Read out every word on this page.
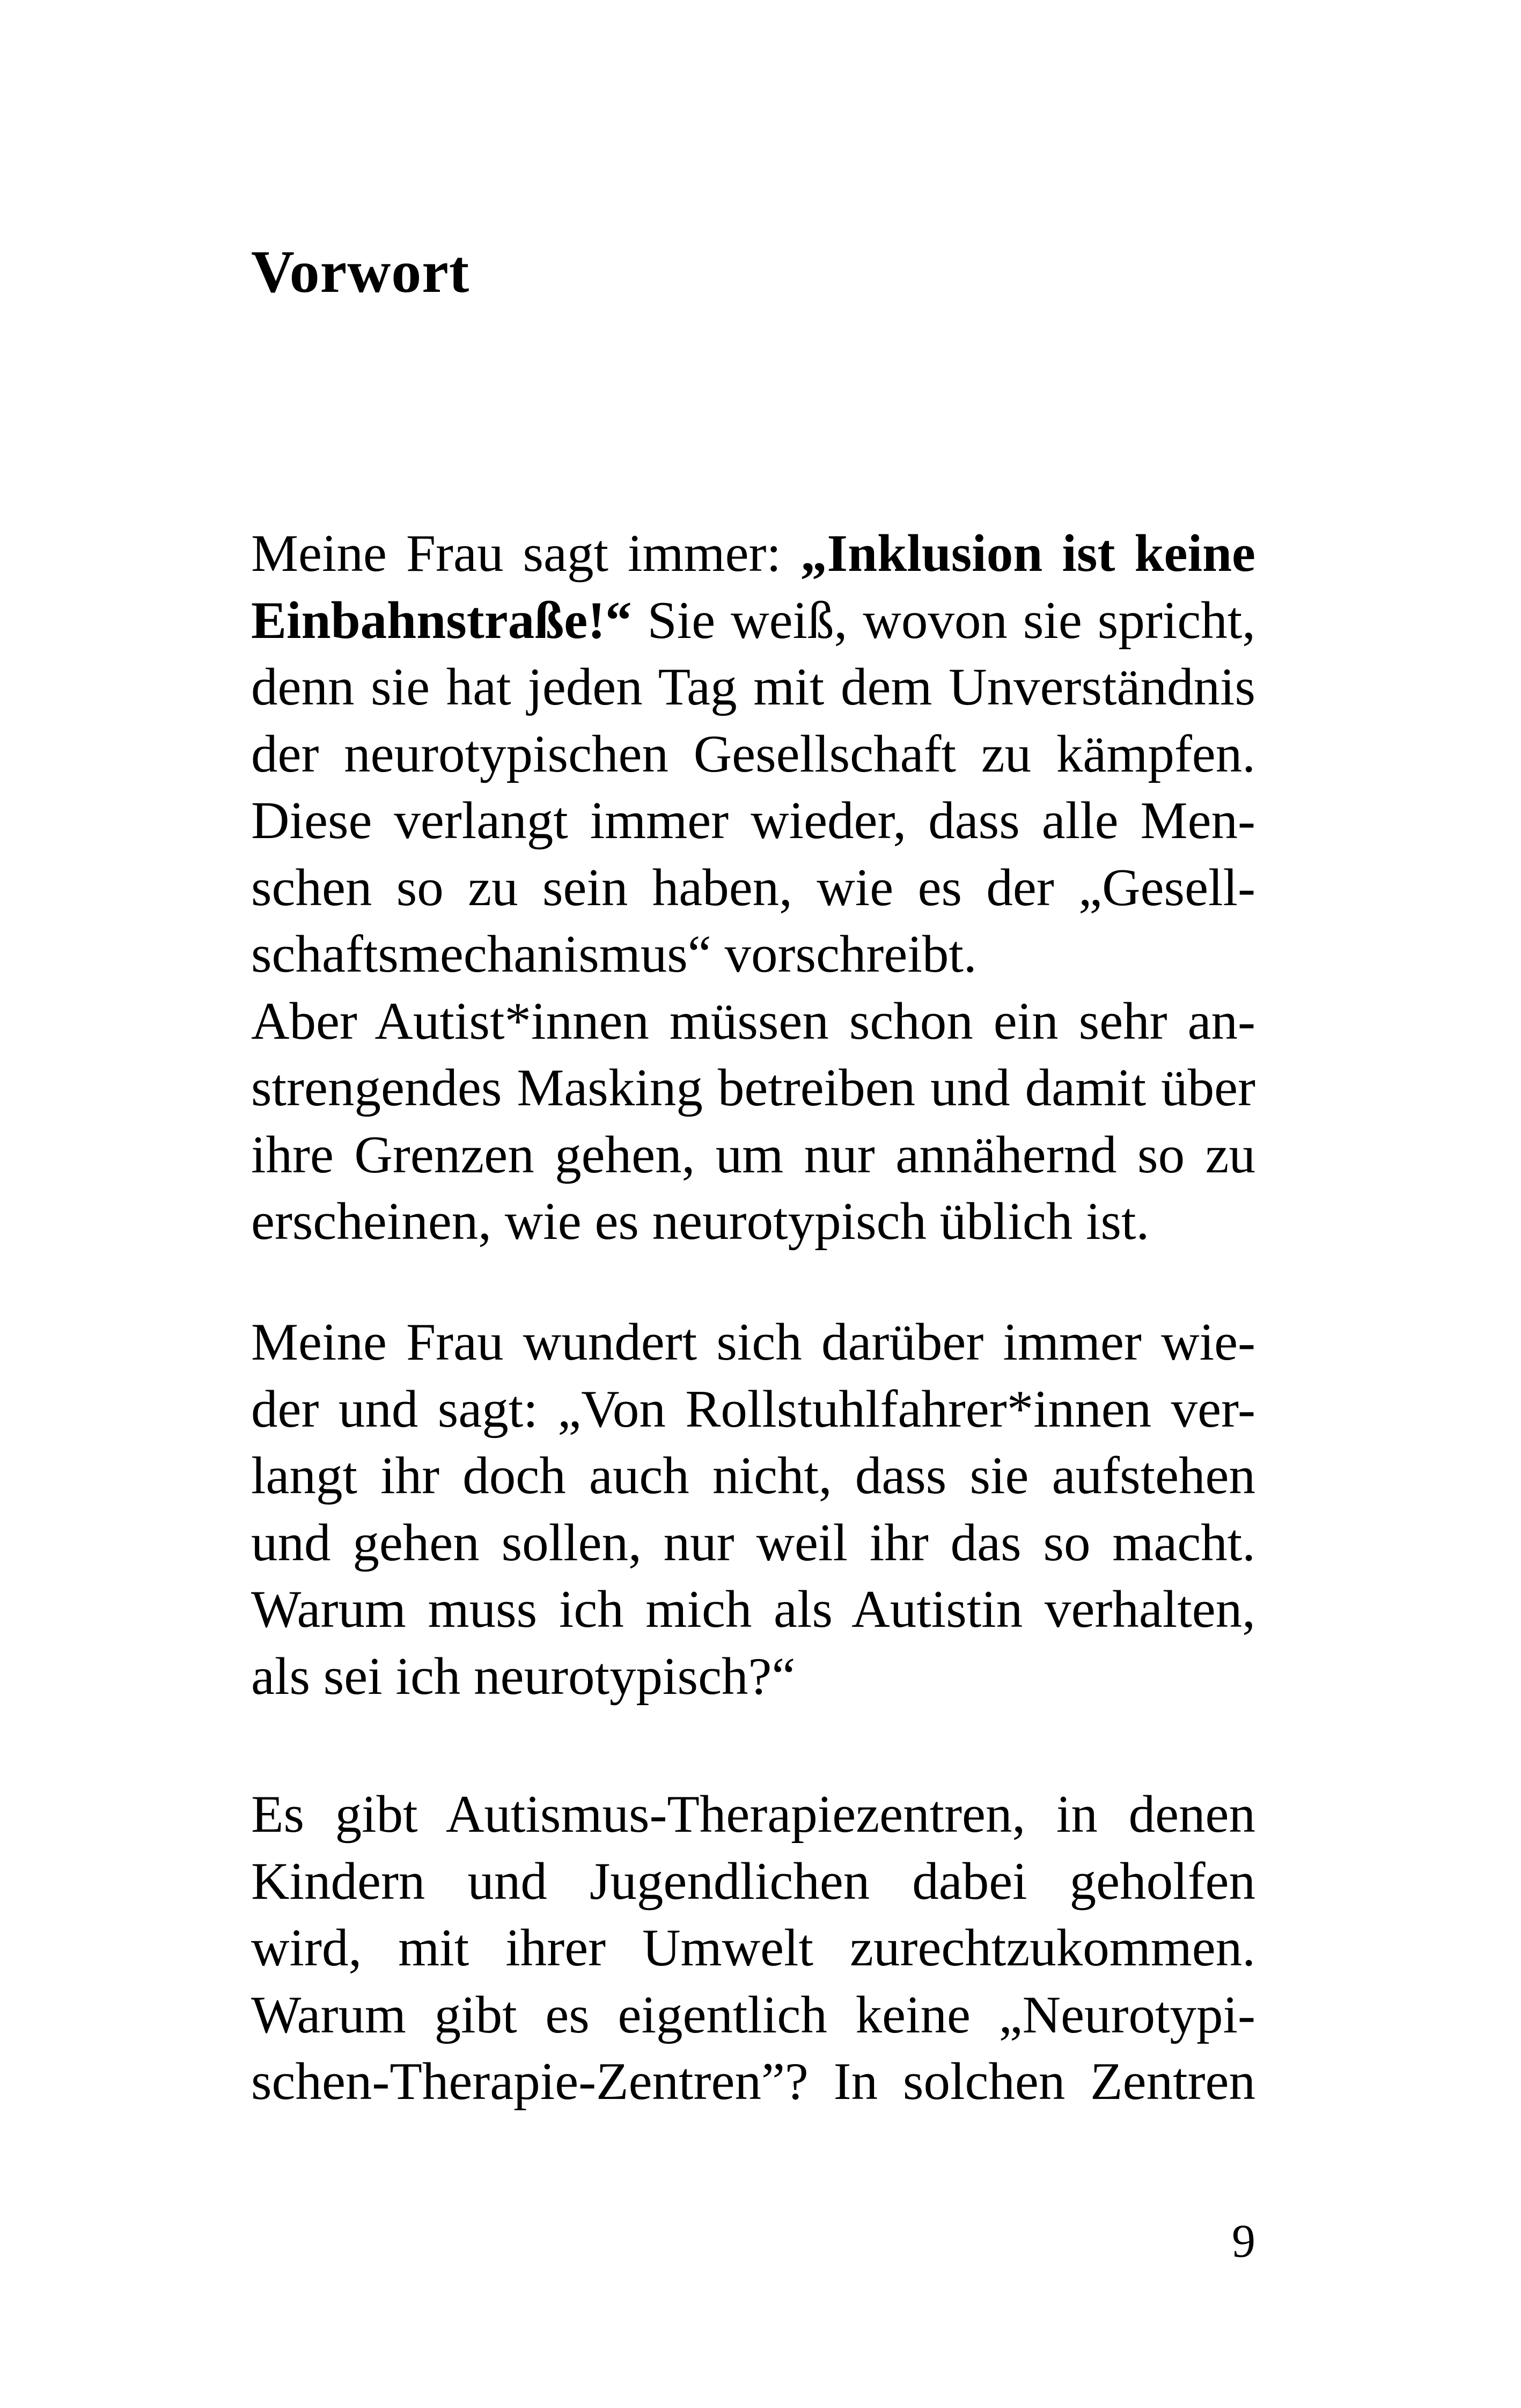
Vorwort
Meine Frau sagt immer: „Inklusion ist keine
Einbahnstraße!“ Sie weiß, wovon sie spricht,
denn sie hat jeden Tag mit dem Unverständnis
der neurotypischen Gesellschaft zu kämpfen.
Diese verlangt immer wieder, dass alle Men-
schen so zu sein haben, wie es der „Gesell-
schaftsmechanismus“ vorschreibt.
Aber Autist*innen müssen schon ein sehr an-
strengendes Masking betreiben und damit über
ihre Grenzen gehen, um nur annähernd so zu
erscheinen, wie es neurotypisch üblich ist.
Meine Frau wundert sich darüber immer wie-
der und sagt: „Von Rollstuhlfahrer*innen ver-
langt ihr doch auch nicht, dass sie aufstehen
und gehen sollen, nur weil ihr das so macht.
Warum muss ich mich als Autistin verhalten,
als sei ich neurotypisch?“
Es gibt Autismus-Therapiezentren, in denen
Kindern und Jugendlichen dabei geholfen
wird, mit ihrer Umwelt zurechtzukommen.
Warum gibt es eigentlich keine „Neurotypi-
schen-Therapie-Zentren”? In solchen Zentren
9
